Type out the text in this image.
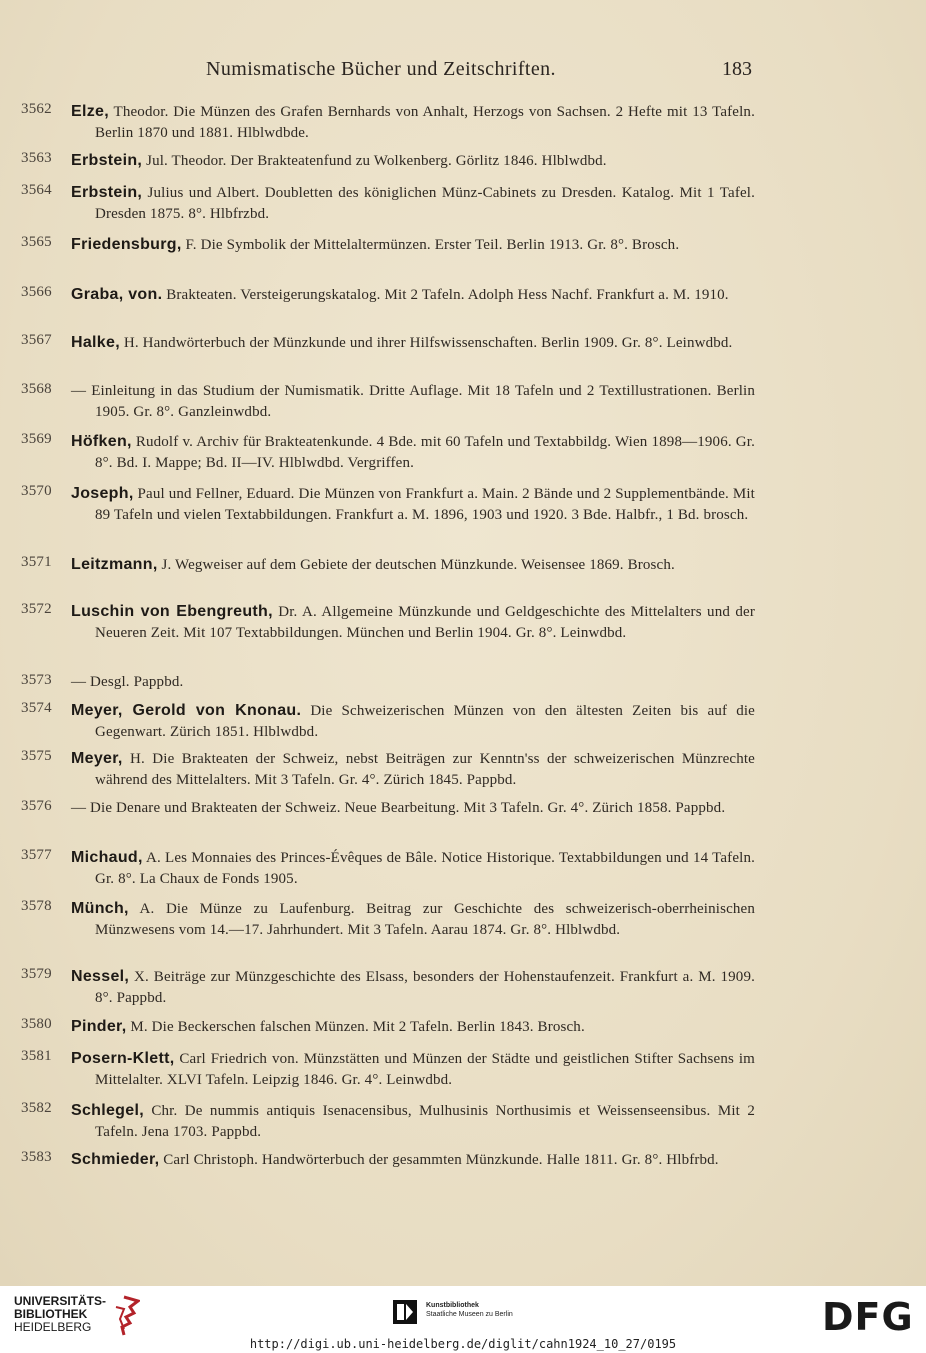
Numismatische Bücher und Zeitschriften.	183
3562	Elze, Theodor. Die Münzen des Grafen Bernhards von Anhalt, Herzogs von Sachsen. 2 Hefte mit 13 Tafeln. Berlin 1870 und 1881. Hlblwdbde.
3563	Erbstein, Jul. Theodor. Der Brakteatenfund zu Wolkenberg. Görlitz 1846. Hlblwdbd.
3564	Erbstein, Julius und Albert. Doubletten des königlichen Münz-Cabinets zu Dresden. Katalog. Mit 1 Tafel. Dresden 1875. 8°. Hlbfrzbd.
3565	Friedensburg, F. Die Symbolik der Mittelaltermünzen. Erster Teil. Berlin 1913. Gr. 8°. Brosch.
3566	Graba, von. Brakteaten. Versteigerungskatalog. Mit 2 Tafeln. Adolph Hess Nachf. Frankfurt a. M. 1910.
3567	Halke, H. Handwörterbuch der Münzkunde und ihrer Hilfswissenschaften. Berlin 1909. Gr. 8°. Leinwdbd.
3568	— Einleitung in das Studium der Numismatik. Dritte Auflage. Mit 18 Tafeln und 2 Textillustrationen. Berlin 1905. Gr. 8°. Ganzleinwdbd.
3569	Höfken, Rudolf v. Archiv für Brakteatenkunde. 4 Bde. mit 60 Tafeln und Textabbildg. Wien 1898—1906. Gr. 8°. Bd. I. Mappe; Bd. II—IV. Hlblwdbd. Vergriffen.
3570	Joseph, Paul und Fellner, Eduard. Die Münzen von Frankfurt a. Main. 2 Bände und 2 Supplementbände. Mit 89 Tafeln und vielen Textabbildungen. Frankfurt a. M. 1896, 1903 und 1920. 3 Bde. Halbfr., 1 Bd. brosch.
3571	Leitzmann, J. Wegweiser auf dem Gebiete der deutschen Münzkunde. Weisensee 1869. Brosch.
3572	Luschin von Ebengreuth, Dr. A. Allgemeine Münzkunde und Geldgeschichte des Mittelalters und der Neueren Zeit. Mit 107 Textabbildungen. München und Berlin 1904. Gr. 8°. Leinwdbd.
3573	— Desgl. Pappbd.
3574	Meyer, Gerold von Knonau. Die Schweizerischen Münzen von den ältesten Zeiten bis auf die Gegenwart. Zürich 1851. Hlblwdbd.
3575	Meyer, H. Die Brakteaten der Schweiz, nebst Beiträgen zur Kenntn'ss der schweizerischen Münzrechte während des Mittelalters. Mit 3 Tafeln. Gr. 4°. Zürich 1845. Pappbd.
3576	— Die Denare und Brakteaten der Schweiz. Neue Bearbeitung. Mit 3 Tafeln. Gr. 4°. Zürich 1858. Pappbd.
3577	Michaud, A. Les Monnaies des Princes-Évêques de Bâle. Notice Historique. Textabbildungen und 14 Tafeln. Gr. 8°. La Chaux de Fonds 1905.
3578	Münch, A. Die Münze zu Laufenburg. Beitrag zur Geschichte des schweizerisch-oberrheinischen Münzwesens vom 14.—17. Jahrhundert. Mit 3 Tafeln. Aarau 1874. Gr. 8°. Hlblwdbd.
3579	Nessel, X. Beiträge zur Münzgeschichte des Elsass, besonders der Hohenstaufenzeit. Frankfurt a. M. 1909. 8°. Pappbd.
3580	Pinder, M. Die Beckerschen falschen Münzen. Mit 2 Tafeln. Berlin 1843. Brosch.
3581	Posern-Klett, Carl Friedrich von. Münzstätten und Münzen der Städte und geistlichen Stifter Sachsens im Mittelalter. XLVI Tafeln. Leipzig 1846. Gr. 4°. Leinwdbd.
3582	Schlegel, Chr. De nummis antiquis Isenacensibus, Mulhusinis Northusimis et Weissenseensibus. Mit 2 Tafeln. Jena 1703. Pappbd.
3583	Schmieder, Carl Christoph. Handwörterbuch der gesammten Münzkunde. Halle 1811. Gr. 8°. Hlbfrbd.
UNIVERSITÄTS-
BIBLIOTHEK
HEIDELBERG
Kunstbibliothek
Staatliche Museen zu Berlin	DFG
http://digi.ub.uni-heidelberg.de/diglit/cahn1924_10_27/0195
